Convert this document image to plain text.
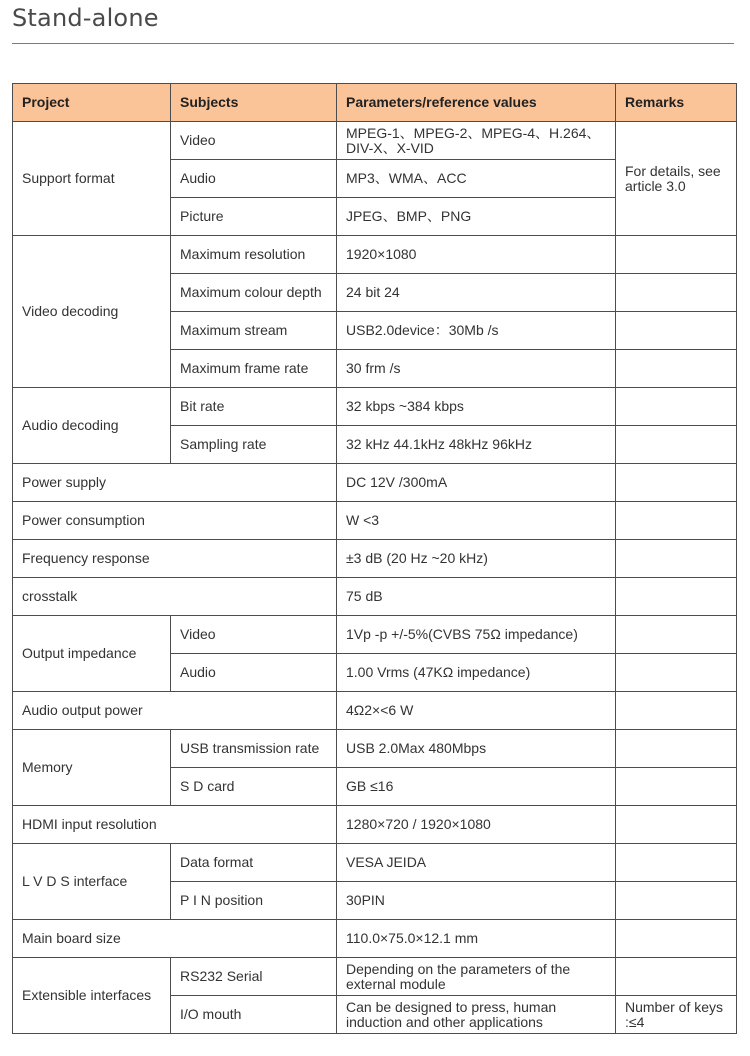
Stand-alone
Project	Subjects	Parameters/reference values	Remarks
Support format	Video	MPEG-1、MPEG-2、MPEG-4、H.264、DIV-X、X-VID	For details, see article 3.0
	Audio	MP3、WMA、ACC	
	Picture	JPEG、BMP、PNG	
Video decoding	Maximum resolution	1920×1080	
	Maximum colour depth	24 bit 24	
	Maximum stream	USB2.0device：30Mb /s	
	Maximum frame rate	30 frm /s	
Audio decoding	Bit rate	32 kbps ~384 kbps	
	Sampling rate	32 kHz 44.1kHz 48kHz 96kHz	
Power supply		DC 12V /300mA	
Power consumption		W <3	
Frequency response		±3 dB (20 Hz ~20 kHz)	
crosstalk		75 dB	
Output impedance	Video	1Vp -p +/-5%(CVBS 75Ω impedance)	
	Audio	1.00 Vrms (47KΩ impedance)	
Audio output power		4Ω2×<6 W	
Memory	USB transmission rate	USB 2.0Max 480Mbps	
	S D card	GB ≤16	
HDMI input resolution		1280×720 / 1920×1080	
L V D S interface	Data format	VESA JEIDA	
	P I N position	30PIN	
Main board size		110.0×75.0×12.1 mm	
Extensible interfaces	RS232 Serial	Depending on the parameters of the external module	
	I/O mouth	Can be designed to press, human induction and other applications	Number of keys :≤4
